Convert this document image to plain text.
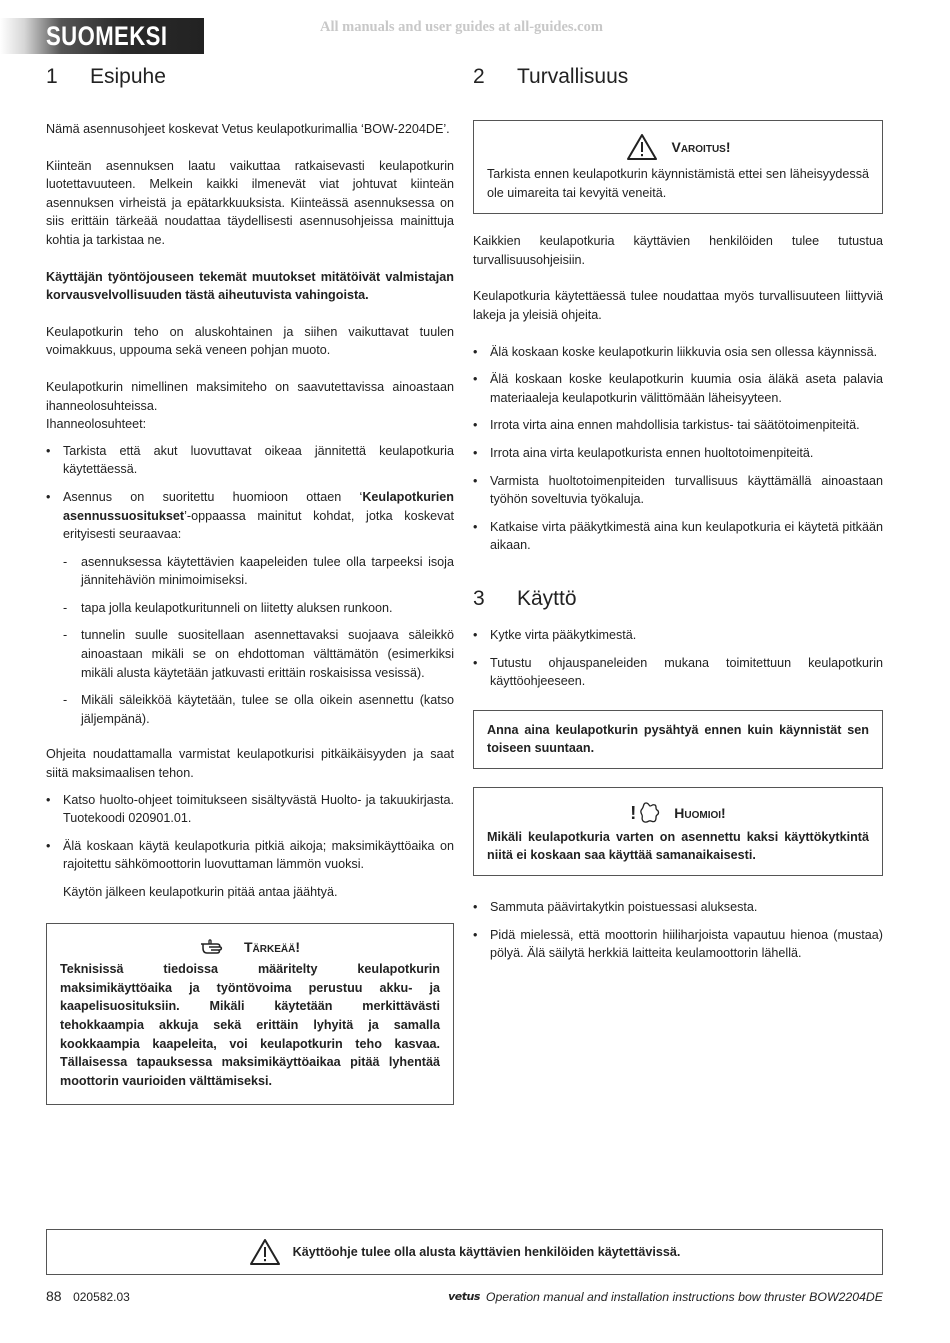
SUOMEKSI	All manuals and user guides at all-guides.com
1	Esipuhe

Nämä asennusohjeet koskevat Vetus keulapotkurimallia ‘BOW-2204DE’.

Kiinteän asennuksen laatu vaikuttaa ratkaisevasti keulapotkurin luotettavuuteen. Melkein kaikki ilmenevät viat johtuvat kiinteän asennuksen virheistä ja epätarkkuuksista. Kiinteässä asennuksessa on siis erittäin tärkeää noudattaa täydellisesti asennusohjeissa mainittuja kohtia ja tarkistaa ne.

Käyttäjän työntöjouseen tekemät muutokset mitätöivät valmistajan korvausvelvollisuuden tästä aiheutuvista vahingoista.

Keulapotkurin teho on aluskohtainen ja siihen vaikuttavat tuulen voimakkuus, uppouma sekä veneen pohjan muoto.

Keulapotkurin nimellinen maksimiteho on saavutettavissa ainoastaan ihanneolosuhteissa.

Ihanneolosuhteet:

• Tarkista että akut luovuttavat oikeaa jännitettä keulapotkuria käytettäessä.
• Asennus on suoritettu huomioon ottaen ‘Keulapotkurien asennussuositukset’-oppaassa mainitut kohdat, jotka koskevat erityisesti seuraavaa:
- asennuksessa käytettävien kaapeleiden tulee olla tarpeeksi isoja jännitehäviön minimoimiseksi.
- tapa jolla keulapotkuritunneli on liitetty aluksen runkoon.
- tunnelin suulle suositellaan asennettavaksi suojaava säleikkö ainoastaan mikäli se on ehdottoman välttämätön (esimerkiksi mikäli alusta käytetään jatkuvasti erittäin roskaisissa vesissä).
- Mikäli säleikköä käytetään, tulee se olla oikein asennettu (katso jäljempänä).

Ohjeita noudattamalla varmistat keulapotkurisi pitkäikäisyyden ja saat siitä maksimaalisen tehon.

• Katso huolto-ohjeet toimitukseen sisältyvästä Huolto- ja takuukirjasta. Tuotekoodi 020901.01.
• Älä koskaan käytä keulapotkuria pitkiä aikoja; maksimikäyttöaika on rajoitettu sähkömoottorin luovuttaman lämmön vuoksi.

Käytön jälkeen keulapotkurin pitää antaa jäähtyä.

Tärkeää!

Teknisissä tiedoissa määritelty keulapotkurin maksimikäyttöaika ja työntövoima perustuu akku- ja kaapelisuosituksiin. Mikäli käytetään merkittävästi tehokkaampia akkuja sekä erittäin lyhyitä ja samalla kookkaampia kaapeleita, voi keulapotkurin teho kasvaa. Tällaisessa tapauksessa maksimikäyttöaikaa pitää lyhentää moottorin vaurioiden välttämiseksi.

2	Turvallisuus
Varoitus!

Tarkista ennen keulapotkurin käynnistämistä ettei sen läheisyydessä ole uimareita tai kevyitä veneitä.

Kaikkien keulapotkuria käyttävien henkilöiden tulee tutustua turvallisuusohjeisiin.

Keulapotkuria käytettäessä tulee noudattaa myös turvallisuuteen liittyviä lakeja ja yleisiä ohjeita.

• Älä koskaan koske keulapotkurin liikkuvia osia sen ollessa käynnissä.
• Älä koskaan koske keulapotkurin kuumia osia äläkä aseta palavia materiaaleja keulapotkurin välittömään läheisyyteen.
• Irrota virta aina ennen mahdollisia tarkistus- tai säätötoimenpiteitä.
• Irrota aina virta keulapotkurista ennen huoltotoimenpiteitä.
• Varmista huoltotoimenpiteiden turvallisuus käyttämällä ainoastaan työhön soveltuvia työkaluja.
• Katkaise virta pääkytkimestä aina kun keulapotkuria ei käytetä pitkään aikaan.
3	Käyttö
• Kytke virta pääkytkimestä.
• Tutustu ohjauspaneleiden mukana toimitettuun keulapotkurin käyttöohjeeseen.

Anna aina keulapotkurin pysähtyä ennen kuin käynnistät sen toiseen suuntaan.

!	Huomioi!

Mikäli keulapotkuria varten on asennettu kaksi käyttökytkintä niitä ei koskaan saa käyttää samanaikaisesti.

• Sammuta päävirtakytkin poistuessasi aluksesta.
• Pidä mielessä, että moottorin hiiliharjoista vapautuu hienoa (mustaa) pölyä. Älä säilytä herkkiä laitteita keulamoottorin lähellä.
Käyttöohje tulee olla alusta käyttävien henkilöiden käytettävissä.
88 020582.03	vetus Operation manual and installation instructions bow thruster BOW2204DE
